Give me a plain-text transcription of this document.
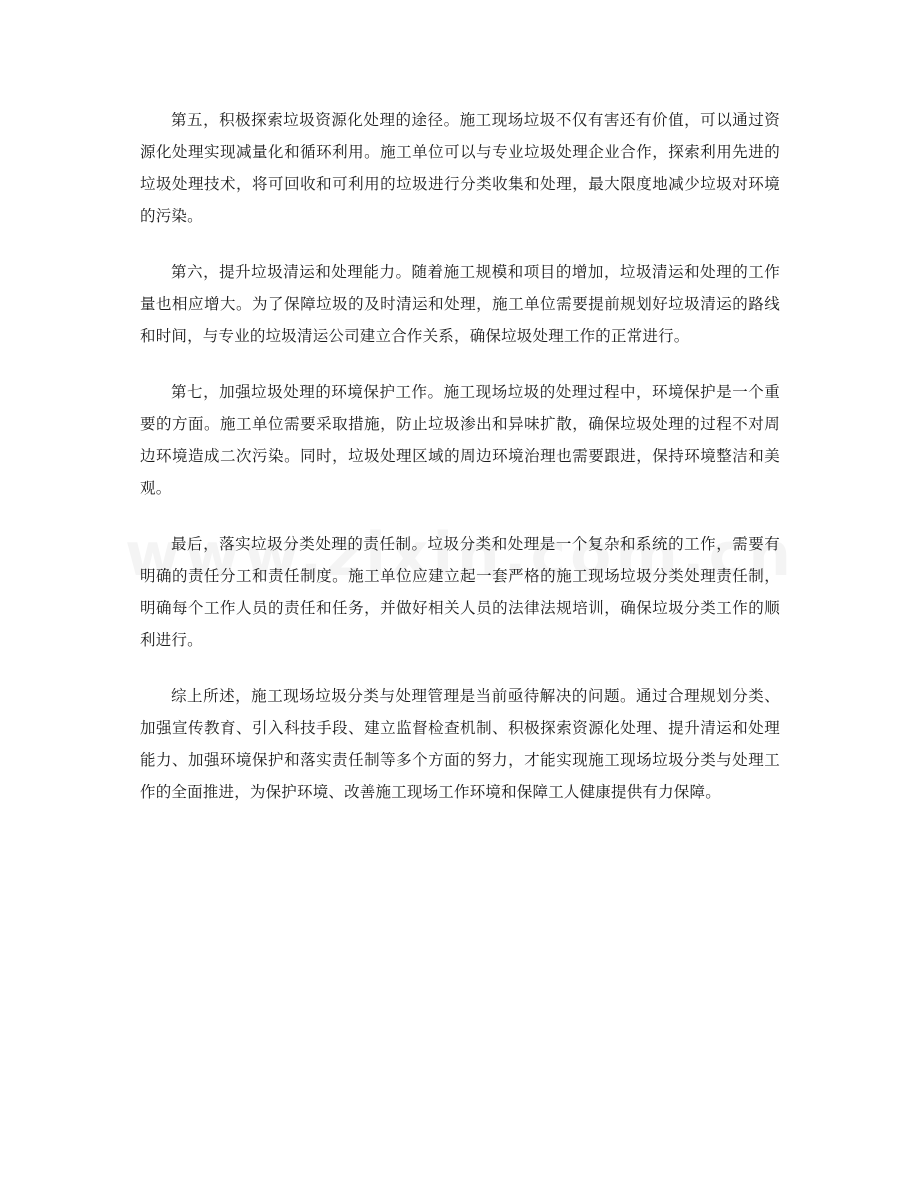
第五，积极探索垃圾资源化处理的途径。施工现场垃圾不仅有害还有价值，可以通过资源化处理实现减量化和循环利用。施工单位可以与专业垃圾处理企业合作，探索利用先进的垃圾处理技术，将可回收和可利用的垃圾进行分类收集和处理，最大限度地减少垃圾对环境的污染。

第六，提升垃圾清运和处理能力。随着施工规模和项目的增加，垃圾清运和处理的工作量也相应增大。为了保障垃圾的及时清运和处理，施工单位需要提前规划好垃圾清运的路线和时间，与专业的垃圾清运公司建立合作关系，确保垃圾处理工作的正常进行。

第七，加强垃圾处理的环境保护工作。施工现场垃圾的处理过程中，环境保护是一个重要的方面。施工单位需要采取措施，防止垃圾渗出和异味扩散，确保垃圾处理的过程不对周边环境造成二次污染。同时，垃圾处理区域的周边环境治理也需要跟进，保持环境整洁和美观。

最后，落实垃圾分类处理的责任制。垃圾分类和处理是一个复杂和系统的工作，需要有明确的责任分工和责任制度。施工单位应建立起一套严格的施工现场垃圾分类处理责任制，明确每个工作人员的责任和任务，并做好相关人员的法律法规培训，确保垃圾分类工作的顺利进行。

综上所述，施工现场垃圾分类与处理管理是当前亟待解决的问题。通过合理规划分类、加强宣传教育、引入科技手段、建立监督检查机制、积极探索资源化处理、提升清运和处理能力、加强环境保护和落实责任制等多个方面的努力，才能实现施工现场垃圾分类与处理工作的全面推进，为保护环境、改善施工现场工作环境和保障工人健康提供有力保障。
